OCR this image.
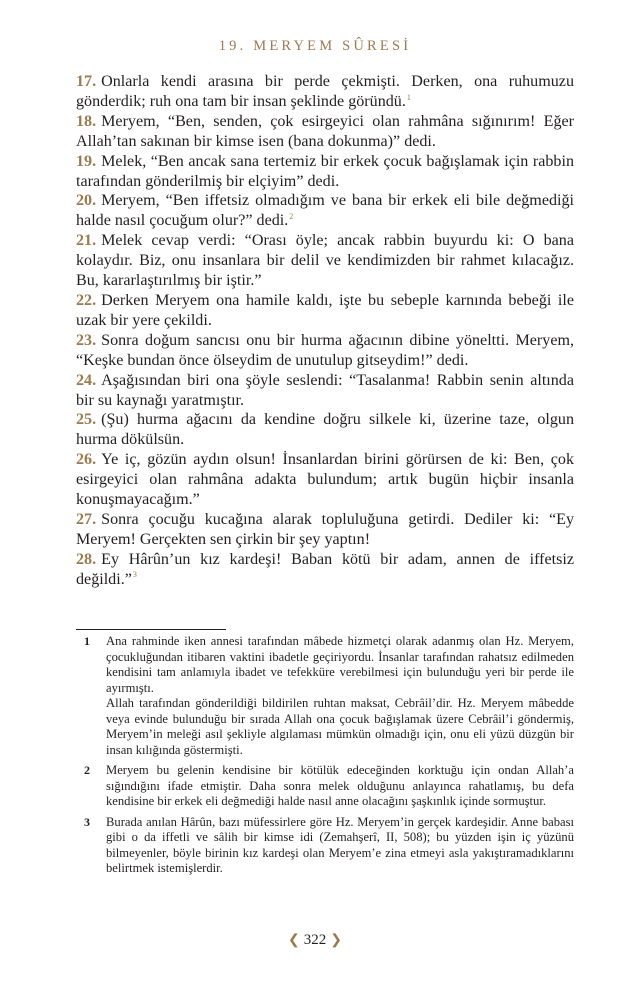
19. MERYEM SÛRESİ

17. Onlarla kendi arasına bir perde çekmişti. Derken, ona ruhumuzu gönderdik; ruh ona tam bir insan şeklinde göründü.$^1$

18. Meryem, “Ben, senden, çok esirgeyici olan rahmâna sığınırım! Eğer Allah’tan sakınan bir kimse isen (bana dokunma)” dedi.

19. Melek, “Ben ancak sana tertemiz bir erkek çocuk bağışlamak için rabbin tarafından gönderilmiş bir elçiyim” dedi.

20. Meryem, “Ben iffetsiz olmadığım ve bana bir erkek eli bile değmediği halde nasıl çocuğum olur?” dedi.$^2$

21. Melek cevap verdi: “Orası öyle; ancak rabbin buyurdu ki: O bana kolaydır. Biz, onu insanlara bir delil ve kendimizden bir rahmet kılacağız. Bu, kararlaştırılmış bir iştir.”

22. Derken Meryem ona hamile kaldı, işte bu sebeple karnında bebeği ile uzak bir yere çekildi.

23. Sonra doğum sancısı onu bir hurma ağacının dibine yöneltti. Meryem, “Keşke bundan önce ölseydim de unutulup gitseydim!” dedi.

24. Aşağısından biri ona şöyle seslendi: “Tasalanma! Rabbin senin altında bir su kaynağı yaratmıştır.

25. (Şu) hurma ağacını da kendine doğru silkele ki, üzerine taze, olgun hurma dökülsün.

26. Ye iç, gözün aydın olsun! İnsanlardan birini görürsen de ki: Ben, çok esirgeyici olan rahmâna adakta bulundum; artık bugün hiçbir insanla konuşmayacağım.”

27. Sonra çocuğu kucağına alarak topluluğuna getirdi. Dediler ki: “Ey Meryem! Gerçekten sen çirkin bir şey yaptın!

28. Ey Hârûn’un kız kardeşi! Baban kötü bir adam, annen de iffetsiz değildi.”$^3$

1 Ana rahminde iken annesi tarafından mâbede hizmetçi olarak adanmış olan Hz. Meryem, çocukluğundan itibaren vaktini ibadetle geçiriyordu. İnsanlar tarafından rahatsız edilmeden kendisini tam anlamıyla ibadet ve tefekküre verebilmesi için bulunduğu yeri bir perde ile ayırmıştı.

Allah tarafından gönderildiği bildirilen ruhtan maksat, Cebrâil’dir. Hz. Meryem mâbedde veya evinde bulunduğu bir sırada Allah ona çocuk bağışlamak üzere Cebrâil’i göndermiş, Meryem’in meleği asıl şekliyle algılaması mümkün olmadığı için, onu eli yüzü düzgün bir insan kılığında göstermişti.

2 Meryem bu gelenin kendisine bir kötülük edeceğinden korktuğu için ondan Allah’a sığındığını ifade etmiştir. Daha sonra melek olduğunu anlayınca rahatlamış, bu defa kendisine bir erkek eli değmediği halde nasıl anne olacağını şaşkınlık içinde sormuştur.

3 Burada anılan Hârûn, bazı müfessirlere göre Hz. Meryem’in gerçek kardeşidir. Anne babası gibi o da iffetli ve sâlih bir kimse idi (Zemahşerî, II, 508); bu yüzden işin iç yüzünü bilmeyenler, böyle birinin kız kardeşi olan Meryem’e zina etmeyi asla yakıştıramadıklarını belirtmek istemişlerdir.

❮ 322 ❯
